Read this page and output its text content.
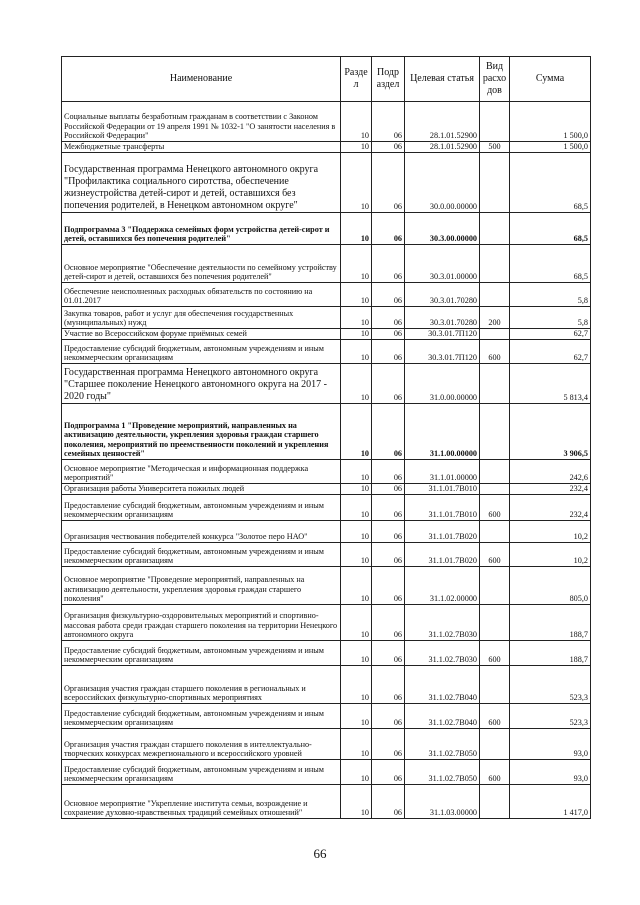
Наименование	Разде л	Подр аздел	Целевая статья	Вид расхо дов	Сумма
Социальные выплаты безработным гражданам в соответствии с Законом Российской Федерации от 19 апреля 1991 № 1032-1 "О занятости населения в Российской Федерации"	10	06	28.1.01.52900		1 500,0
Межбюджетные трансферты	10	06	28.1.01.52900	500	1 500,0
Государственная программа Ненецкого автономного округа "Профилактика социального сиротства, обеспечение жизнеустройства детей-сирот и детей, оставшихся без попечения родителей, в Ненецком автономном округе"	10	06	30.0.00.00000		68,5
Подпрограмма 3 "Поддержка семейных форм устройства детей-сирот и детей, оставшихся без попечения родителей"	10	06	30.3.00.00000		68,5
Основное мероприятие "Обеспечение деятельности по семейному устройству детей-сирот и детей, оставшихся без попечения родителей"	10	06	30.3.01.00000		68,5
Обеспечение неисполненных расходных обязательств по состоянию на 01.01.2017	10	06	30.3.01.70280		5,8
Закупка товаров, работ и услуг для обеспечения государственных (муниципальных) нужд	10	06	30.3.01.70280	200	5,8
Участие во Всероссийском форуме приёмных семей	10	06	30.3.01.7П120		62,7
Предоставление субсидий бюджетным, автономным учреждениям и иным некоммерческим организациям	10	06	30.3.01.7П120	600	62,7
Государственная программа Ненецкого автономного округа "Старшее поколение Ненецкого автономного округа на 2017 - 2020 годы"	10	06	31.0.00.00000		5 813,4
Подпрограмма 1 "Проведение мероприятий, направленных на активизацию деятельности, укрепления здоровья граждан старшего поколения, мероприятий по преемственности поколений и укрепления семейных ценностей"	10	06	31.1.00.00000		3 906,5
Основное мероприятие "Методическая и информационная поддержка мероприятий"	10	06	31.1.01.00000		242,6
Организация работы Университета пожилых людей	10	06	31.1.01.7В010		232,4
Предоставление субсидий бюджетным, автономным учреждениям и иным некоммерческим организациям	10	06	31.1.01.7В010	600	232,4
Организация чествования победителей конкурса "Золотое перо НАО"	10	06	31.1.01.7В020		10,2
Предоставление субсидий бюджетным, автономным учреждениям и иным некоммерческим организациям	10	06	31.1.01.7В020	600	10,2
Основное мероприятие "Проведение мероприятий, направленных на активизацию деятельности, укрепления здоровья граждан старшего поколения"	10	06	31.1.02.00000		805,0
Организация физкультурно-оздоровительных мероприятий и спортивно-массовая работа среди граждан старшего поколения на территории Ненецкого автономного округа	10	06	31.1.02.7В030		188,7
Предоставление субсидий бюджетным, автономным учреждениям и иным некоммерческим организациям	10	06	31.1.02.7В030	600	188,7
Организация участия граждан старшего поколения в региональных и всероссийских физкультурно-спортивных мероприятиях	10	06	31.1.02.7В040		523,3
Предоставление субсидий бюджетным, автономным учреждениям и иным некоммерческим организациям	10	06	31.1.02.7В040	600	523,3
Организация участия граждан старшего поколения в интеллектуально-творческих конкурсах межрегионального и всероссийского уровней	10	06	31.1.02.7В050		93,0
Предоставление субсидий бюджетным, автономным учреждениям и иным некоммерческим организациям	10	06	31.1.02.7В050	600	93,0
Основное мероприятие "Укрепление института семьи, возрождение и сохранение духовно-нравственных традиций семейных отношений"	10	06	31.1.03.00000		1 417,0
66
